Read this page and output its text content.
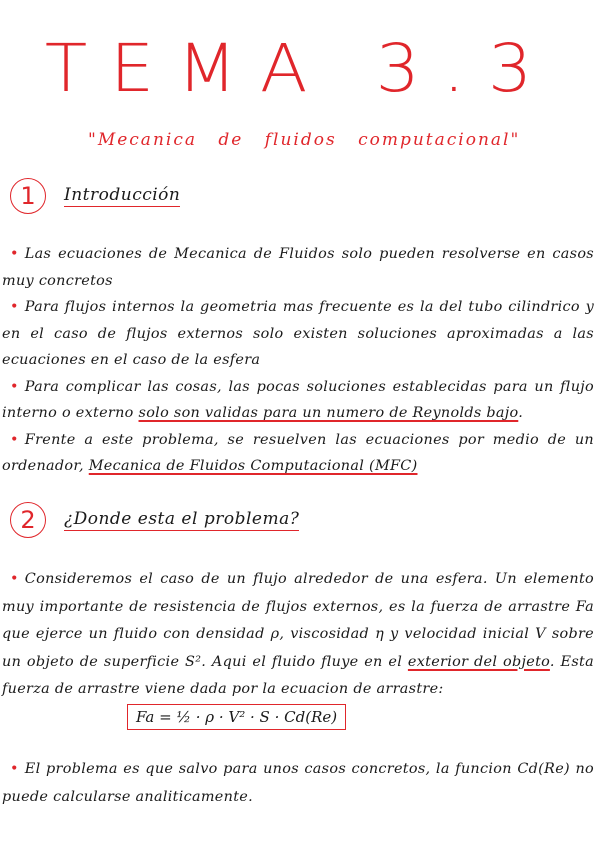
TEMA 3.3
"Mecanica de fluidos computacional"
1	Introducción

• Las ecuaciones de Mecanica de Fluidos solo pueden resolverse en casos muy concretos

• Para flujos internos la geometria mas frecuente es la del tubo cilindrico y en el caso de flujos externos solo existen soluciones aproximadas a las ecuaciones en el caso de la esfera

• Para complicar las cosas, las pocas soluciones establecidas para un flujo interno o externo solo son validas para un numero de Reynolds bajo.

• Frente a este problema, se resuelven las ecuaciones por medio de un ordenador, Mecanica de Fluidos Computacional (MFC)

2	¿Donde esta el problema?

• Consideremos el caso de un flujo alrededor de una esfera. Un elemento muy importante de resistencia de flujos externos, es la fuerza de arrastre Fa que ejerce un fluido con densidad ρ, viscosidad η y velocidad inicial V sobre un objeto de superficie S². Aqui el fluido fluye en el exterior del objeto. Esta fuerza de arrastre viene dada por la ecuacion de arrastre:

Fa = ½ · ρ · V² · S · Cd(Re)

• El problema es que salvo para unos casos concretos, la funcion Cd(Re) no puede calcularse analiticamente.
